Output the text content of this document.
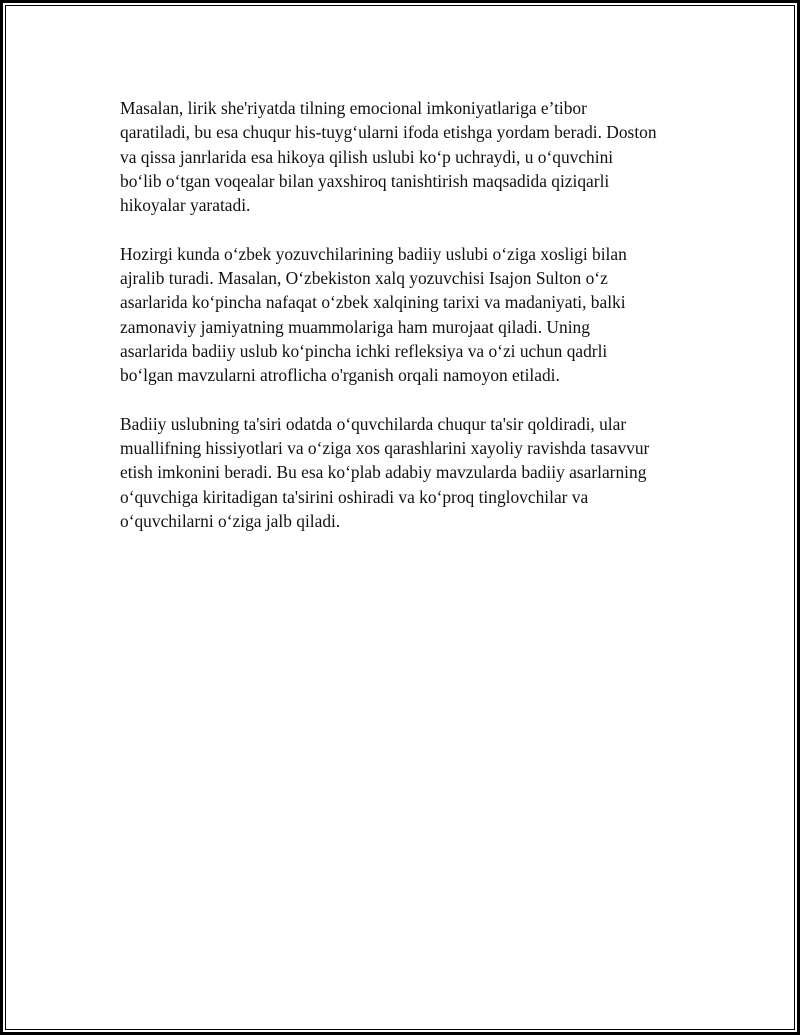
Masalan, lirik she'riyatda tilning emocional imkoniyatlariga e’tibor
qaratiladi, bu esa chuqur his-tuyg‘ularni ifoda etishga yordam beradi. Doston
va qissa janrlarida esa hikoya qilish uslubi ko‘p uchraydi, u o‘quvchini
bo‘lib o‘tgan voqealar bilan yaxshiroq tanishtirish maqsadida qiziqarli
hikoyalar yaratadi.

Hozirgi kunda o‘zbek yozuvchilarining badiiy uslubi o‘ziga xosligi bilan
ajralib turadi. Masalan, O‘zbekiston xalq yozuvchisi Isajon Sulton o‘z
asarlarida ko‘pincha nafaqat o‘zbek xalqining tarixi va madaniyati, balki
zamonaviy jamiyatning muammolariga ham murojaat qiladi. Uning
asarlarida badiiy uslub ko‘pincha ichki refleksiya va o‘zi uchun qadrli
bo‘lgan mavzularni atroflicha o'rganish orqali namoyon etiladi.

Badiiy uslubning ta'siri odatda o‘quvchilarda chuqur ta'sir qoldiradi, ular
muallifning hissiyotlari va o‘ziga xos qarashlarini xayoliy ravishda tasavvur
etish imkonini beradi. Bu esa ko‘plab adabiy mavzularda badiiy asarlarning
o‘quvchiga kiritadigan ta'sirini oshiradi va ko‘proq tinglovchilar va
o‘quvchilarni o‘ziga jalb qiladi.
